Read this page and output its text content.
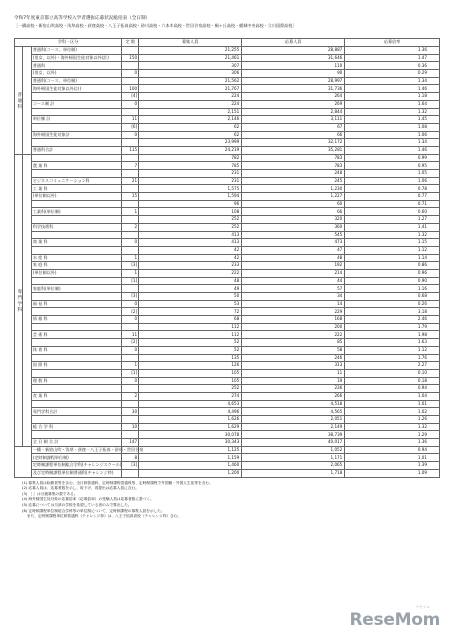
令和7年度東京都立高等学校入学者選抜応募状況総括表（全日制）
［一橋高校・新宿山吹高校・浅草高校・荻窪高校・八王子拓真高校・砂川高校・六本木高校・世田谷泉高校・桐ヶ丘高校・稲城中央高校・立川国際高校］
学科・区分			定 数	募集人員	応募人員	応募倍率
普 通 科		普通科(コース、単位制)		21,255	28,887	1.36
		(男女、以外)・海外帰国生徒対象以外(計)	150	21,461	31,646	1.47
		普通科		307	110	0.36
		(男女、以外)	0	306	90	0.29
		普通科(コース、単位制)		21,562	28,997	1.34
		海外帰国生徒対象以外(計)	100	21,767	31,736	1.46
			[4]	224	264	1.18
		コース制 計	0	224	269	1.64
				2,151	2,844	1.32
		単位制 計	11	2,146	3,111	1.45
			[6]	62	67	1.08
		海外帰国生徒対象計	0	62	66	1.06
				23,999	32,172	1.34
		普通科合計	115	24,219	35,281	1.46
専 門 学 科				782	783	0.99
		農 業 科	7	785	783	0.95
				231	248	1.05
		ビジネスコミュニケーション科	21	231	245	1.06
		工 業 科		1,575	1,230	0.78
		(単位制以外)	15	1,594	1,227	0.77
				96	60	0.71
		工業科(単位制)	1	108	66	0.60
				252	320	1.27
		科学技術科	2	252	360	1.41
				413	545	1.32
		商 業 科	0	413	473	1.15
				42	47	1.12
		水 産 科	1	42	48	1.14
		家 庭 科	[3]	233	192	0.86
		(単位制以外)	1	222	214	0.96
			[1]	48	44	0.90
		家庭科(単位制)		49	57	1.16
			[3]	50	34	0.68
		福 祉 科	0	53	14	0.26
			[2]	72	229	3.18
		情 報 科	0	68	168	2.46
				112	200	1.79
		芸 術 科	11	112	222	1.98
			[2]	52	85	1.63
		体 育 科	0	52	58	1.12
				135	246	1.76
		国 際 科	1	126	313	2.27
			[1]	105	11	0.10
		理 数 科	0	105	19	0.18
				252	236	0.94
		産 業 科	2	274	266	1.04
				4,653	4,518	1.01
		専門学科合計	30	4,496	4,565	1.02
				1,626	2,051	1.26
		総 合 学 科	10	1,629	2,149	1.32
				30,078	38,739	1.29
		全 日 制 合 計	147	30,343	40,017	1.36
		一橋・新宿山吹・浅草・荻窪・八王子拓真・砂川・世田谷泉		1,125	1,052	0.94
		(定時制課程単位制)	8	1,159	1,171	1.01
		定時制課程単位制総合学科(チャレンジスクール)	[3]	1,460	2,065	1.39
		及び定時制課程単位制普通科(チャレンジ枠)		1,200	1,718	1.09
(1) 募集人員は転勤者等を含む。全日制普通科、定時制課程普通科等、定時制課程で外国籍・外国人生徒等を含む。
(2) 応募人員は、応募者数を示し、取下げ、再提出は応募人員に含む。
(3) ［ ］は分割募集の数である。
(4) 海外帰国生徒対象の応募倍率（応募倍率）の受験人員は応募者数に基づく。
(5) 応募については当該の学校を希望している者のみで算出した。
(6) 定時制課程単位制総合学科等の単位制について、定時制課程の募集人員を示した。
　 また、定時制課程単位制普通科（チャレンジ枠）は、八王子拓真高校（チャレンジ枠）含む。
リセマム
ReseMom
